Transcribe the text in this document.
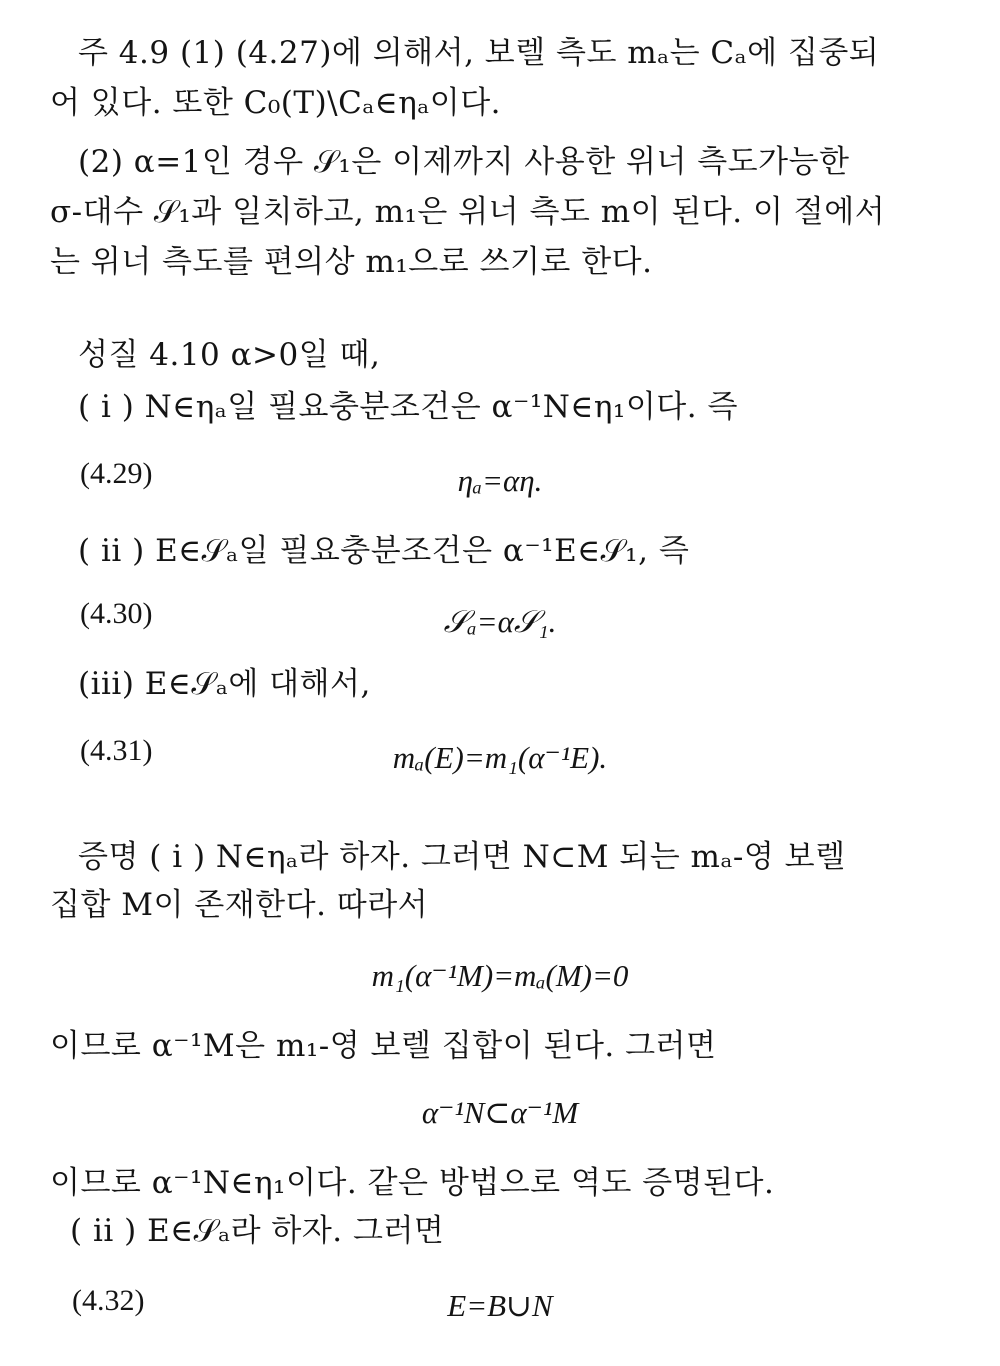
주 4.9 (1) (4.27)에 의해서, 보렐 측도 mₐ는 Cₐ에 집중되
어 있다. 또한 C₀(T)\Cₐ∈ηₐ이다.
(2) α=1인 경우 𝒮₁은 이제까지 사용한 위너 측도가능한
σ-대수 𝒮₁과 일치하고, m₁은 위너 측도 m이 된다. 이 절에서
는 위너 측도를 편의상 m₁으로 쓰기로 한다.
성질 4.10 α>0일 때,
( i ) N∈ηₐ일 필요충분조건은 α⁻¹N∈η₁이다. 즉
(4.29)	ηₐ=αη.
( ii ) E∈𝒮ₐ일 필요충분조건은 α⁻¹E∈𝒮₁, 즉
(4.30)	𝒮ₐ=α𝒮₁.
(iii) E∈𝒮ₐ에 대해서,
(4.31)	mₐ(E)=m₁(α⁻¹E).
증명 ( i ) N∈ηₐ라 하자. 그러면 N⊂M 되는 mₐ-영 보렐
집합 M이 존재한다. 따라서
m₁(α⁻¹M)=mₐ(M)=0
이므로 α⁻¹M은 m₁-영 보렐 집합이 된다. 그러면
α⁻¹N⊂α⁻¹M
이므로 α⁻¹N∈η₁이다. 같은 방법으로 역도 증명된다.
( ii ) E∈𝒮ₐ라 하자. 그러면
(4.32)	E=B∪N
